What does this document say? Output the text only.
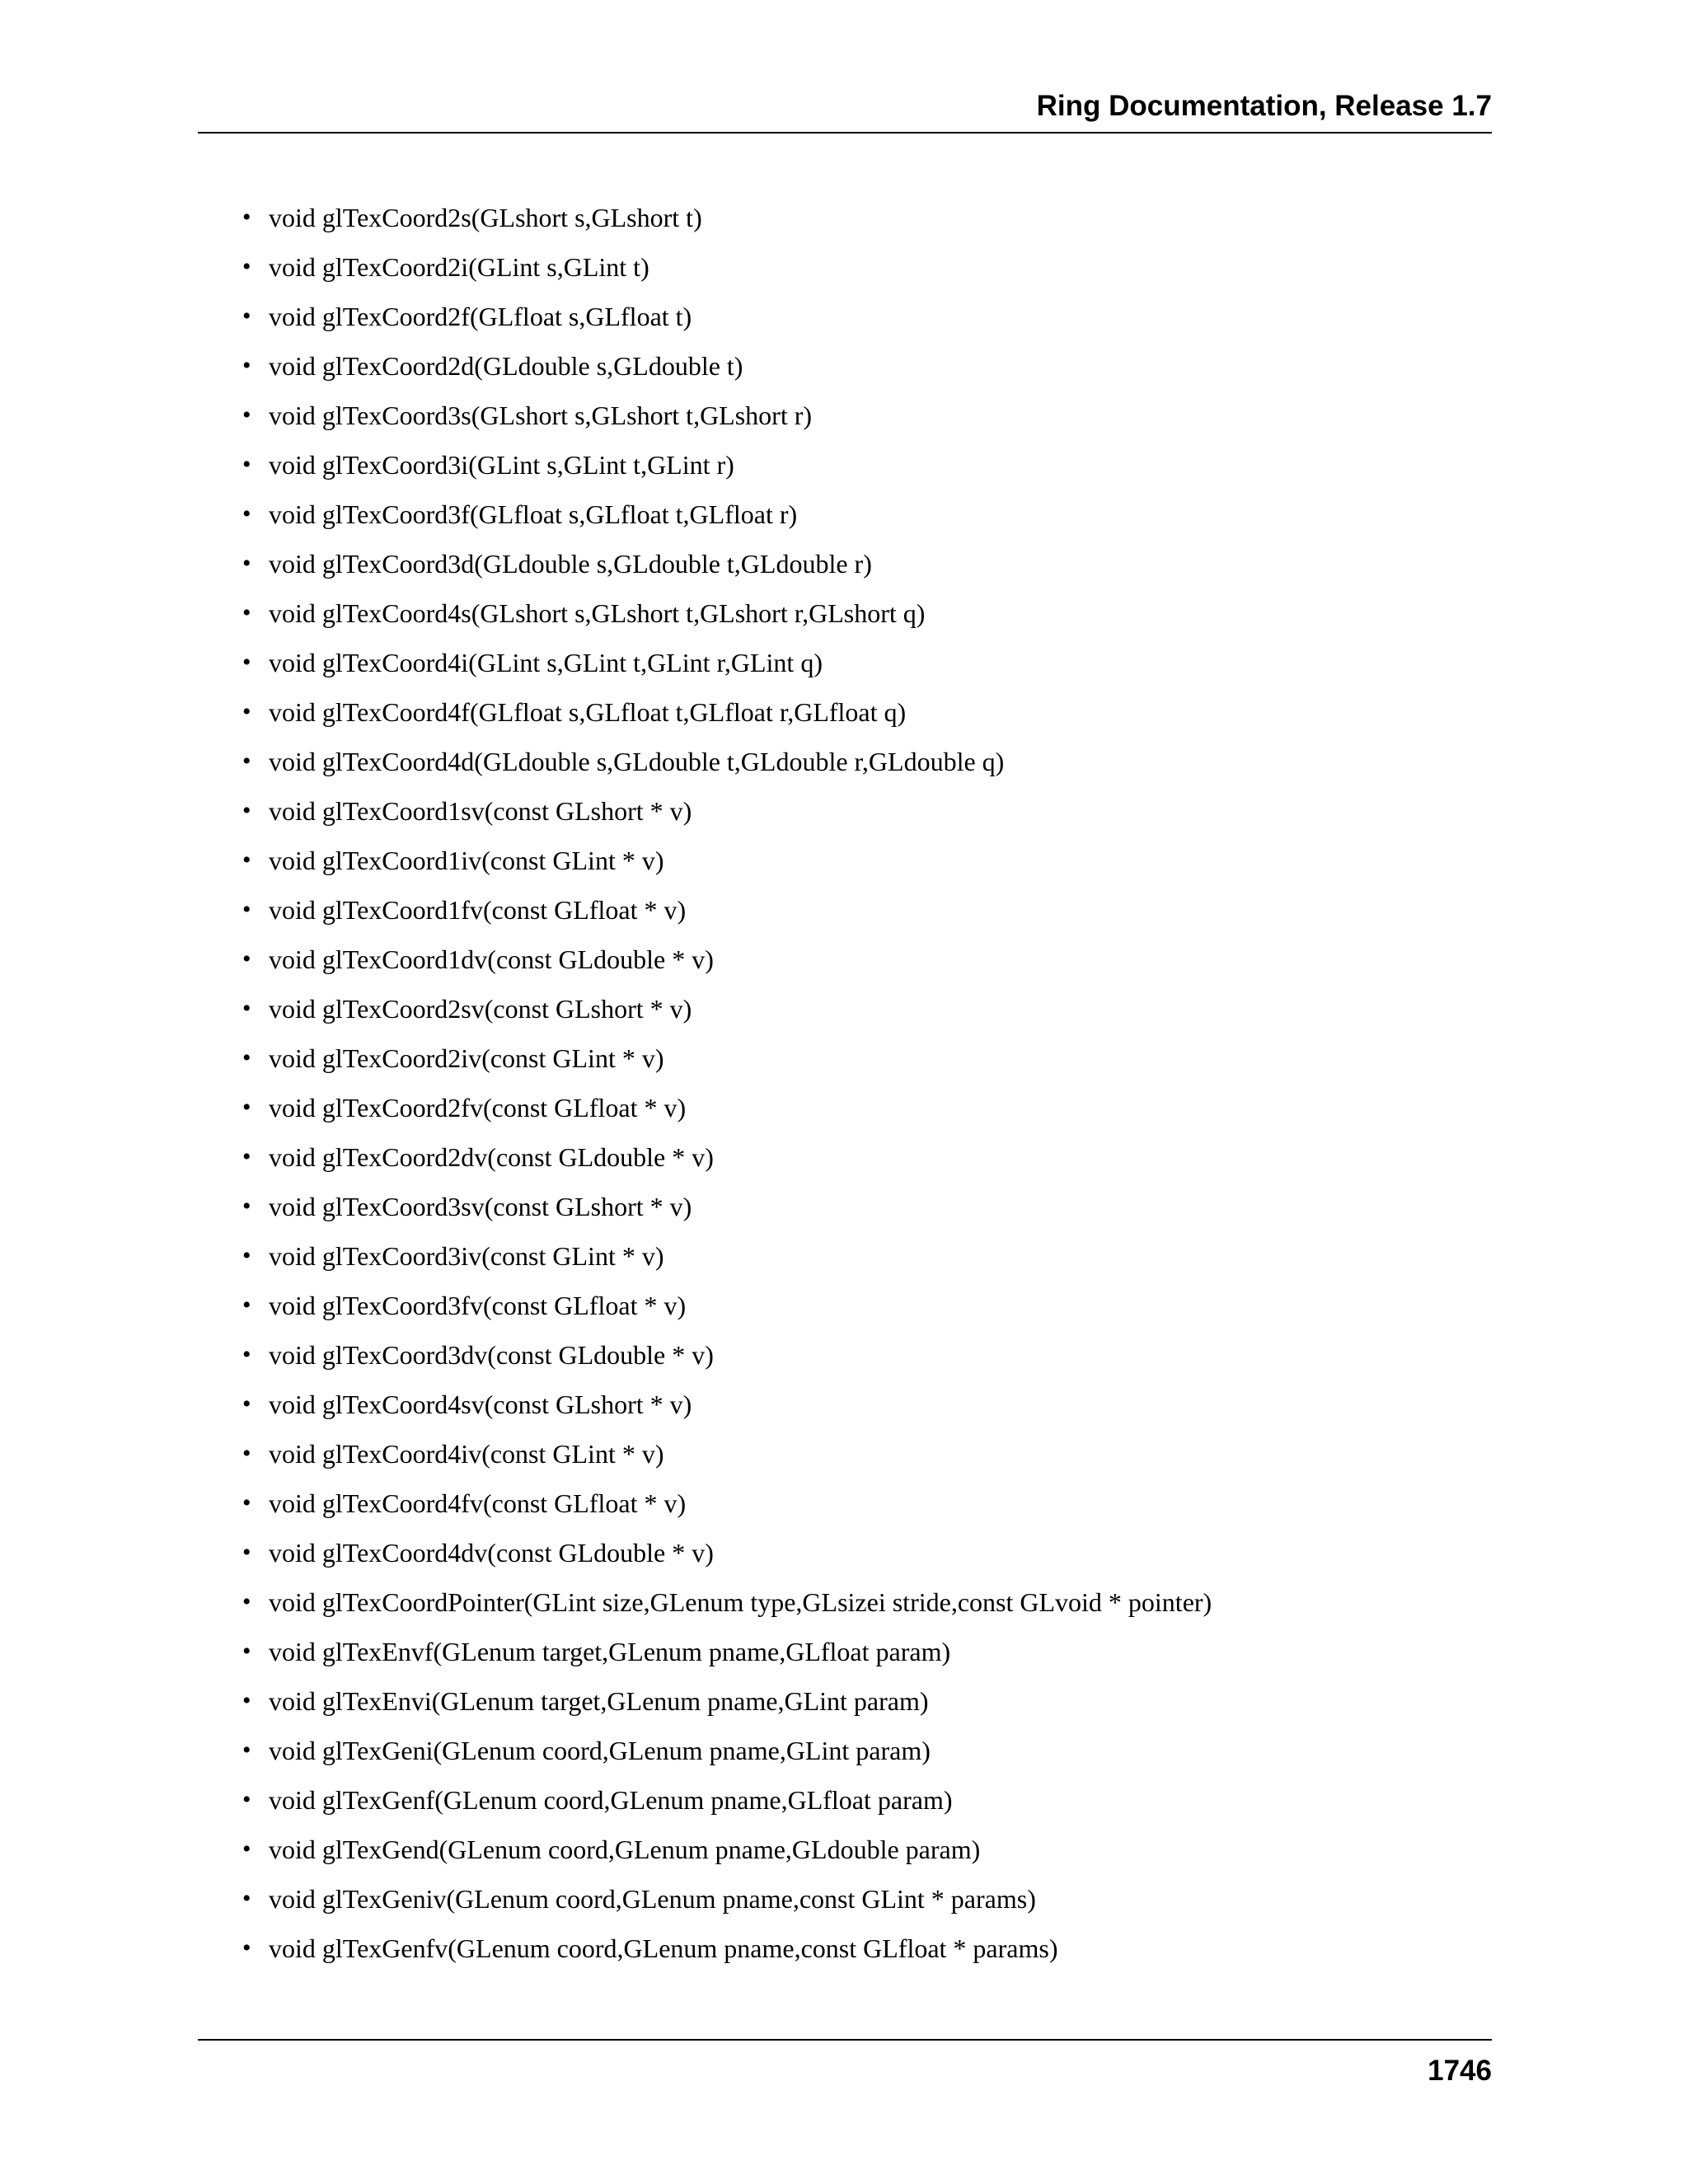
Ring Documentation, Release 1.7
• void glTexCoord2s(GLshort s,GLshort t)
• void glTexCoord2i(GLint s,GLint t)
• void glTexCoord2f(GLfloat s,GLfloat t)
• void glTexCoord2d(GLdouble s,GLdouble t)
• void glTexCoord3s(GLshort s,GLshort t,GLshort r)
• void glTexCoord3i(GLint s,GLint t,GLint r)
• void glTexCoord3f(GLfloat s,GLfloat t,GLfloat r)
• void glTexCoord3d(GLdouble s,GLdouble t,GLdouble r)
• void glTexCoord4s(GLshort s,GLshort t,GLshort r,GLshort q)
• void glTexCoord4i(GLint s,GLint t,GLint r,GLint q)
• void glTexCoord4f(GLfloat s,GLfloat t,GLfloat r,GLfloat q)
• void glTexCoord4d(GLdouble s,GLdouble t,GLdouble r,GLdouble q)
• void glTexCoord1sv(const GLshort * v)
• void glTexCoord1iv(const GLint * v)
• void glTexCoord1fv(const GLfloat * v)
• void glTexCoord1dv(const GLdouble * v)
• void glTexCoord2sv(const GLshort * v)
• void glTexCoord2iv(const GLint * v)
• void glTexCoord2fv(const GLfloat * v)
• void glTexCoord2dv(const GLdouble * v)
• void glTexCoord3sv(const GLshort * v)
• void glTexCoord3iv(const GLint * v)
• void glTexCoord3fv(const GLfloat * v)
• void glTexCoord3dv(const GLdouble * v)
• void glTexCoord4sv(const GLshort * v)
• void glTexCoord4iv(const GLint * v)
• void glTexCoord4fv(const GLfloat * v)
• void glTexCoord4dv(const GLdouble * v)
• void glTexCoordPointer(GLint size,GLenum type,GLsizei stride,const GLvoid * pointer)
• void glTexEnvf(GLenum target,GLenum pname,GLfloat param)
• void glTexEnvi(GLenum target,GLenum pname,GLint param)
• void glTexGeni(GLenum coord,GLenum pname,GLint param)
• void glTexGenf(GLenum coord,GLenum pname,GLfloat param)
• void glTexGend(GLenum coord,GLenum pname,GLdouble param)
• void glTexGeniv(GLenum coord,GLenum pname,const GLint * params)
• void glTexGenfv(GLenum coord,GLenum pname,const GLfloat * params)
1746
